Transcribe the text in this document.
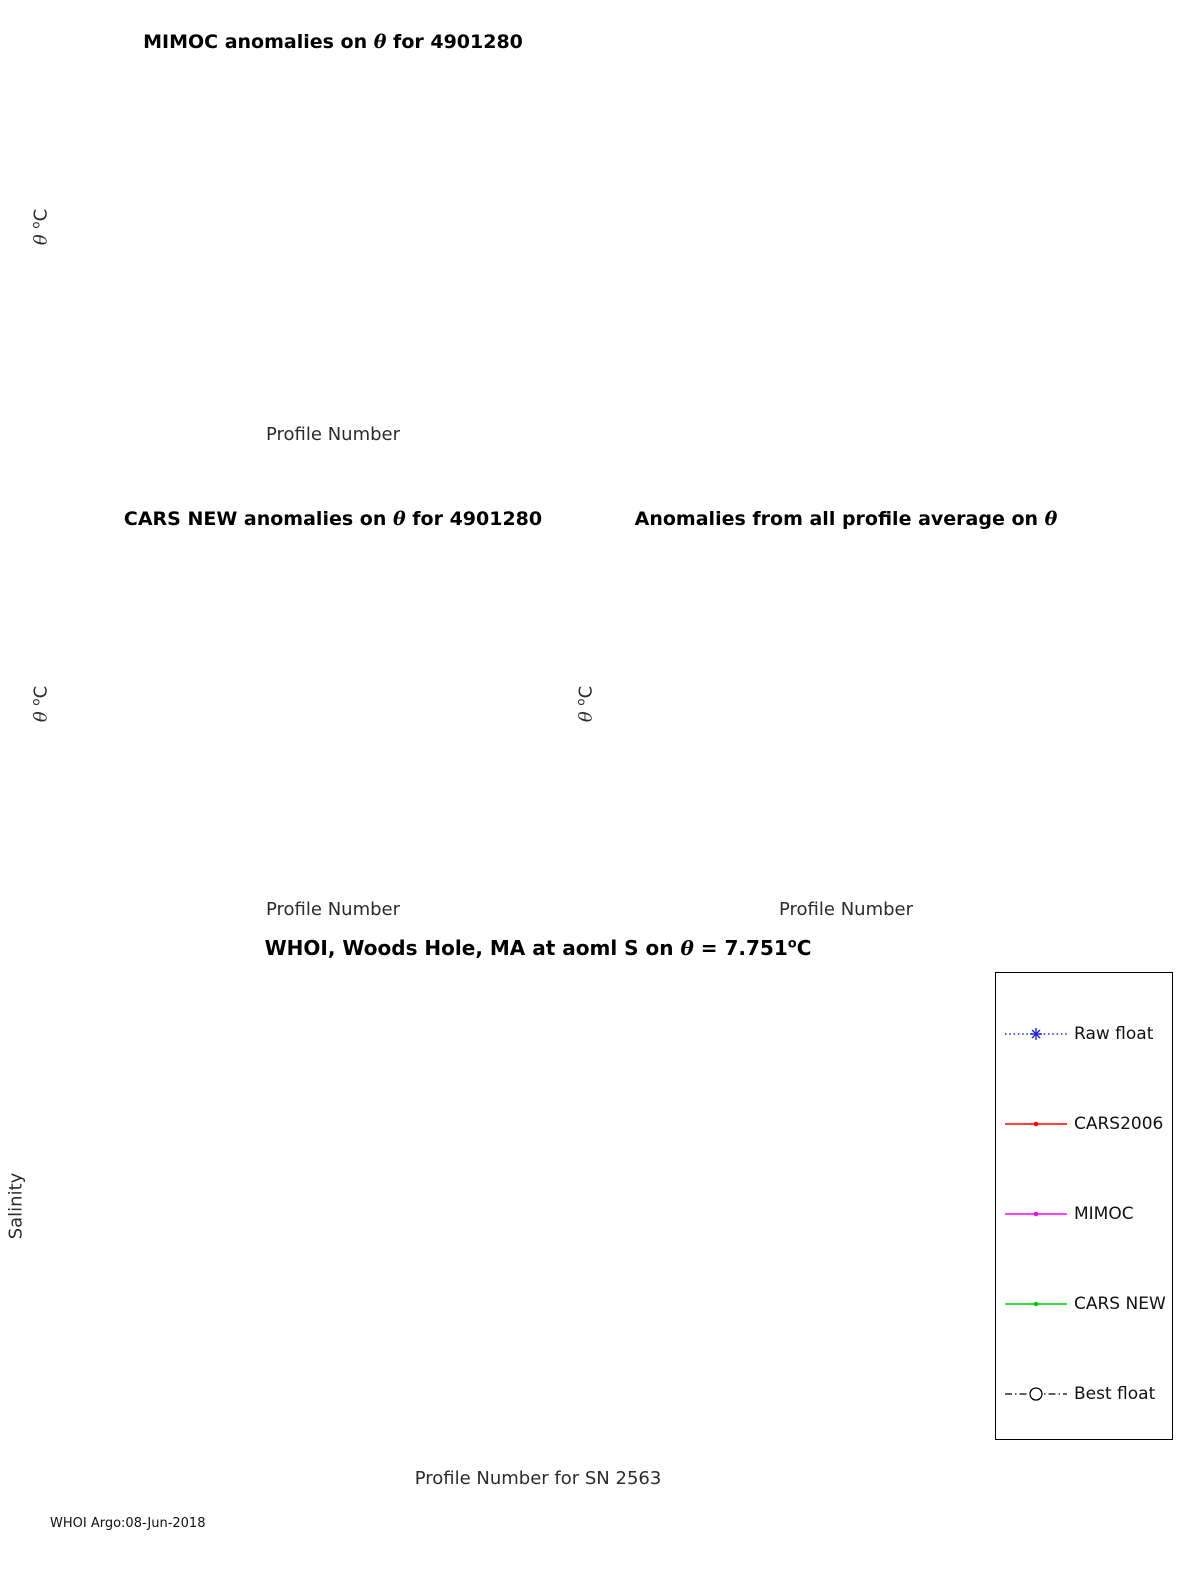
MIMOC anomalies on θ for 4901280
Profile Number
θ $^o$C
CARS NEW anomalies on θ for 4901280
Profile Number
θ $^o$C
Anomalies from all profile average on θ
Profile Number
θ $^o$C
WHOI, Woods Hole, MA at aoml S on $\theta = 7.751^oC$
Profile Number for SN 2563
Salinity
Raw float
CARS2006
MIMOC
CARS NEW
Best float
WHOI Argo:08-Jun-2018
